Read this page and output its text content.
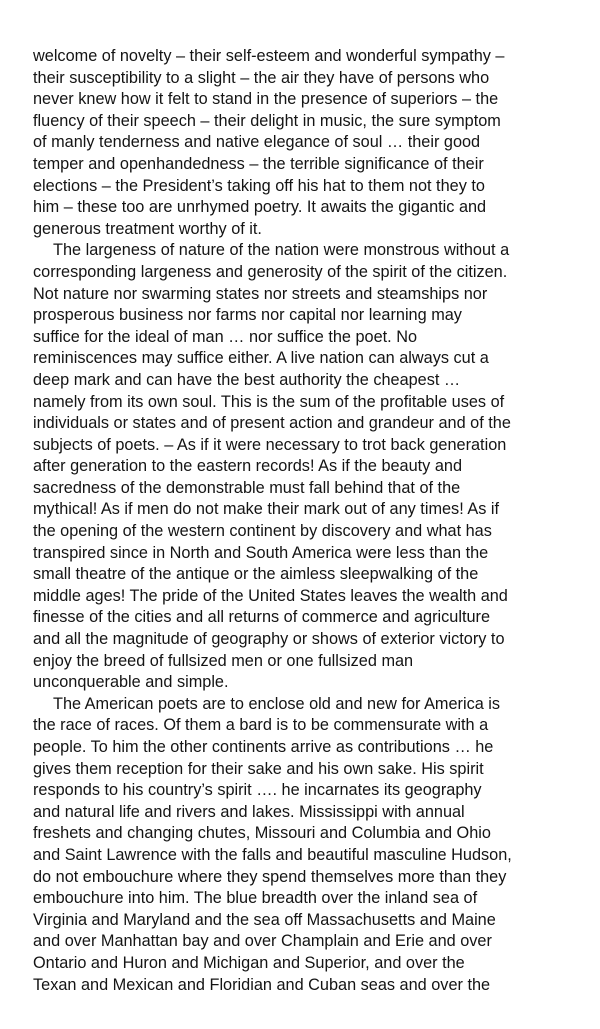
welcome of novelty – their self-esteem and wonderful sympathy –
their susceptibility to a slight – the air they have of persons who
never knew how it felt to stand in the presence of superiors – the
fluency of their speech – their delight in music, the sure symptom
of manly tenderness and native elegance of soul … their good
temper and openhandedness – the terrible significance of their
elections – the President’s taking off his hat to them not they to
him – these too are unrhymed poetry. It awaits the gigantic and
generous treatment worthy of it.
The largeness of nature of the nation were monstrous without a
corresponding largeness and generosity of the spirit of the citizen.
Not nature nor swarming states nor streets and steamships nor
prosperous business nor farms nor capital nor learning may
suffice for the ideal of man … nor suffice the poet. No
reminiscences may suffice either. A live nation can always cut a
deep mark and can have the best authority the cheapest …
namely from its own soul. This is the sum of the profitable uses of
individuals or states and of present action and grandeur and of the
subjects of poets. – As if it were necessary to trot back generation
after generation to the eastern records! As if the beauty and
sacredness of the demonstrable must fall behind that of the
mythical! As if men do not make their mark out of any times! As if
the opening of the western continent by discovery and what has
transpired since in North and South America were less than the
small theatre of the antique or the aimless sleepwalking of the
middle ages! The pride of the United States leaves the wealth and
finesse of the cities and all returns of commerce and agriculture
and all the magnitude of geography or shows of exterior victory to
enjoy the breed of fullsized men or one fullsized man
unconquerable and simple.
The American poets are to enclose old and new for America is
the race of races. Of them a bard is to be commensurate with a
people. To him the other continents arrive as contributions … he
gives them reception for their sake and his own sake. His spirit
responds to his country’s spirit …. he incarnates its geography
and natural life and rivers and lakes. Mississippi with annual
freshets and changing chutes, Missouri and Columbia and Ohio
and Saint Lawrence with the falls and beautiful masculine Hudson,
do not embouchure where they spend themselves more than they
embouchure into him. The blue breadth over the inland sea of
Virginia and Maryland and the sea off Massachusetts and Maine
and over Manhattan bay and over Champlain and Erie and over
Ontario and Huron and Michigan and Superior, and over the
Texan and Mexican and Floridian and Cuban seas and over the
